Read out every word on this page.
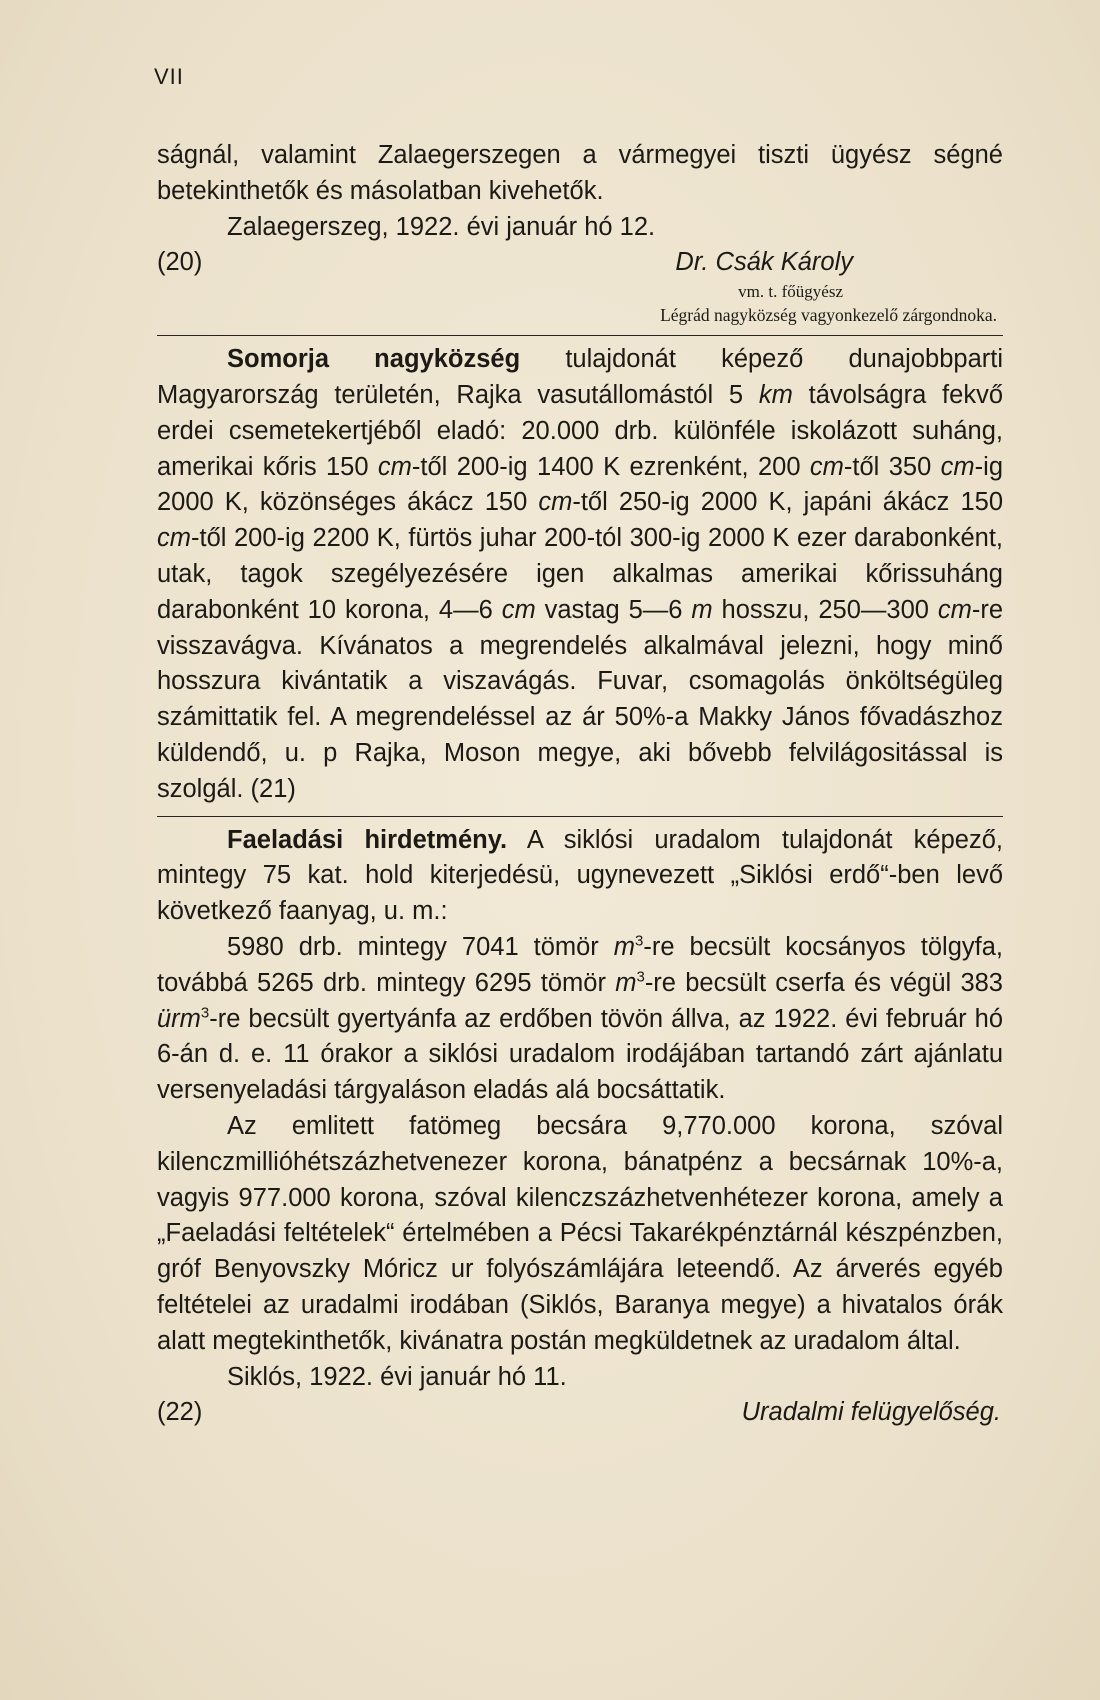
VII

ságnál, valamint Zalaegerszegen a vármegyei tiszti ügyész ségné betekinthetők és másolatban kivehetők.

Zalaegerszeg, 1922. évi január hó 12.

(20)	Dr. Csák Károly
vm. t. főügyész
Légrád nagyközség vagyonkezelő zárgondnoka.

Somorja nagyközség tulajdonát képező dunajobbparti Magyarország területén, Rajka vasutállomástól 5 km távolságra fekvő erdei csemetekertjéből eladó: 20.000 drb. különféle iskolázott suháng, amerikai kőris 150 cm-től 200-ig 1400 K ezrenként, 200 cm-től 350 cm-ig 2000 K, közönséges ákácz 150 cm-től 250-ig 2000 K, japáni ákácz 150 cm-től 200-ig 2200 K, fürtös juhar 200-tól 300-ig 2000 K ezer darabonként, utak, tagok szegélyezésére igen alkalmas amerikai kőrissuháng darabonként 10 korona, 4—6 cm vastag 5—6 m hosszu, 250—300 cm-re visszavágva. Kívánatos a megrendelés alkalmával jelezni, hogy minő hosszura kivántatik a viszavágás. Fuvar, csomagolás önköltségüleg számittatik fel. A megrendeléssel az ár 50%-a Makky János fővadászhoz küldendő, u. p Rajka, Moson megye, aki bővebb felvilágositással is szolgál. (21)

Faeladási hirdetmény. A siklósi uradalom tulajdonát képező, mintegy 75 kat. hold kiterjedésü, ugynevezett „Siklósi erdő“-ben levő következő faanyag, u. m.:

5980 drb. mintegy 7041 tömör $m^3-re$ becsült kocsányos tölgyfa, továbbá 5265 drb. mintegy 6295 tömör $m^3-re$ becsült cserfa és végül 383 ürm$^3$-re becsült gyertyánfa az erdőben tövön állva, az 1922. évi február hó 6-án d. e. 11 órakor a siklósi uradalom irodájában tartandó zárt ajánlatu versenyeladási tárgyaláson eladás alá bocsáttatik.

Az emlitett fatömeg becsára 9,770.000 korona, szóval kilenczmillióhétszázhetvenezer korona, bánatpénz a becsárnak 10%-a, vagyis 977.000 korona, szóval kilenczszázhetvenhétezer korona, amely a „Faeladási feltételek“ értelmében a Pécsi Takarékpénztárnál készpénzben, gróf Benyovszky Móricz ur folyószámlájára leteendő. Az árverés egyéb feltételei az uradalmi irodában (Siklós, Baranya megye) a hivatalos órák alatt megtekinthetők, kivánatra postán megküldetnek az uradalom által.

Siklós, 1922. évi január hó 11.

(22)	Uradalmi felügyelőség.
